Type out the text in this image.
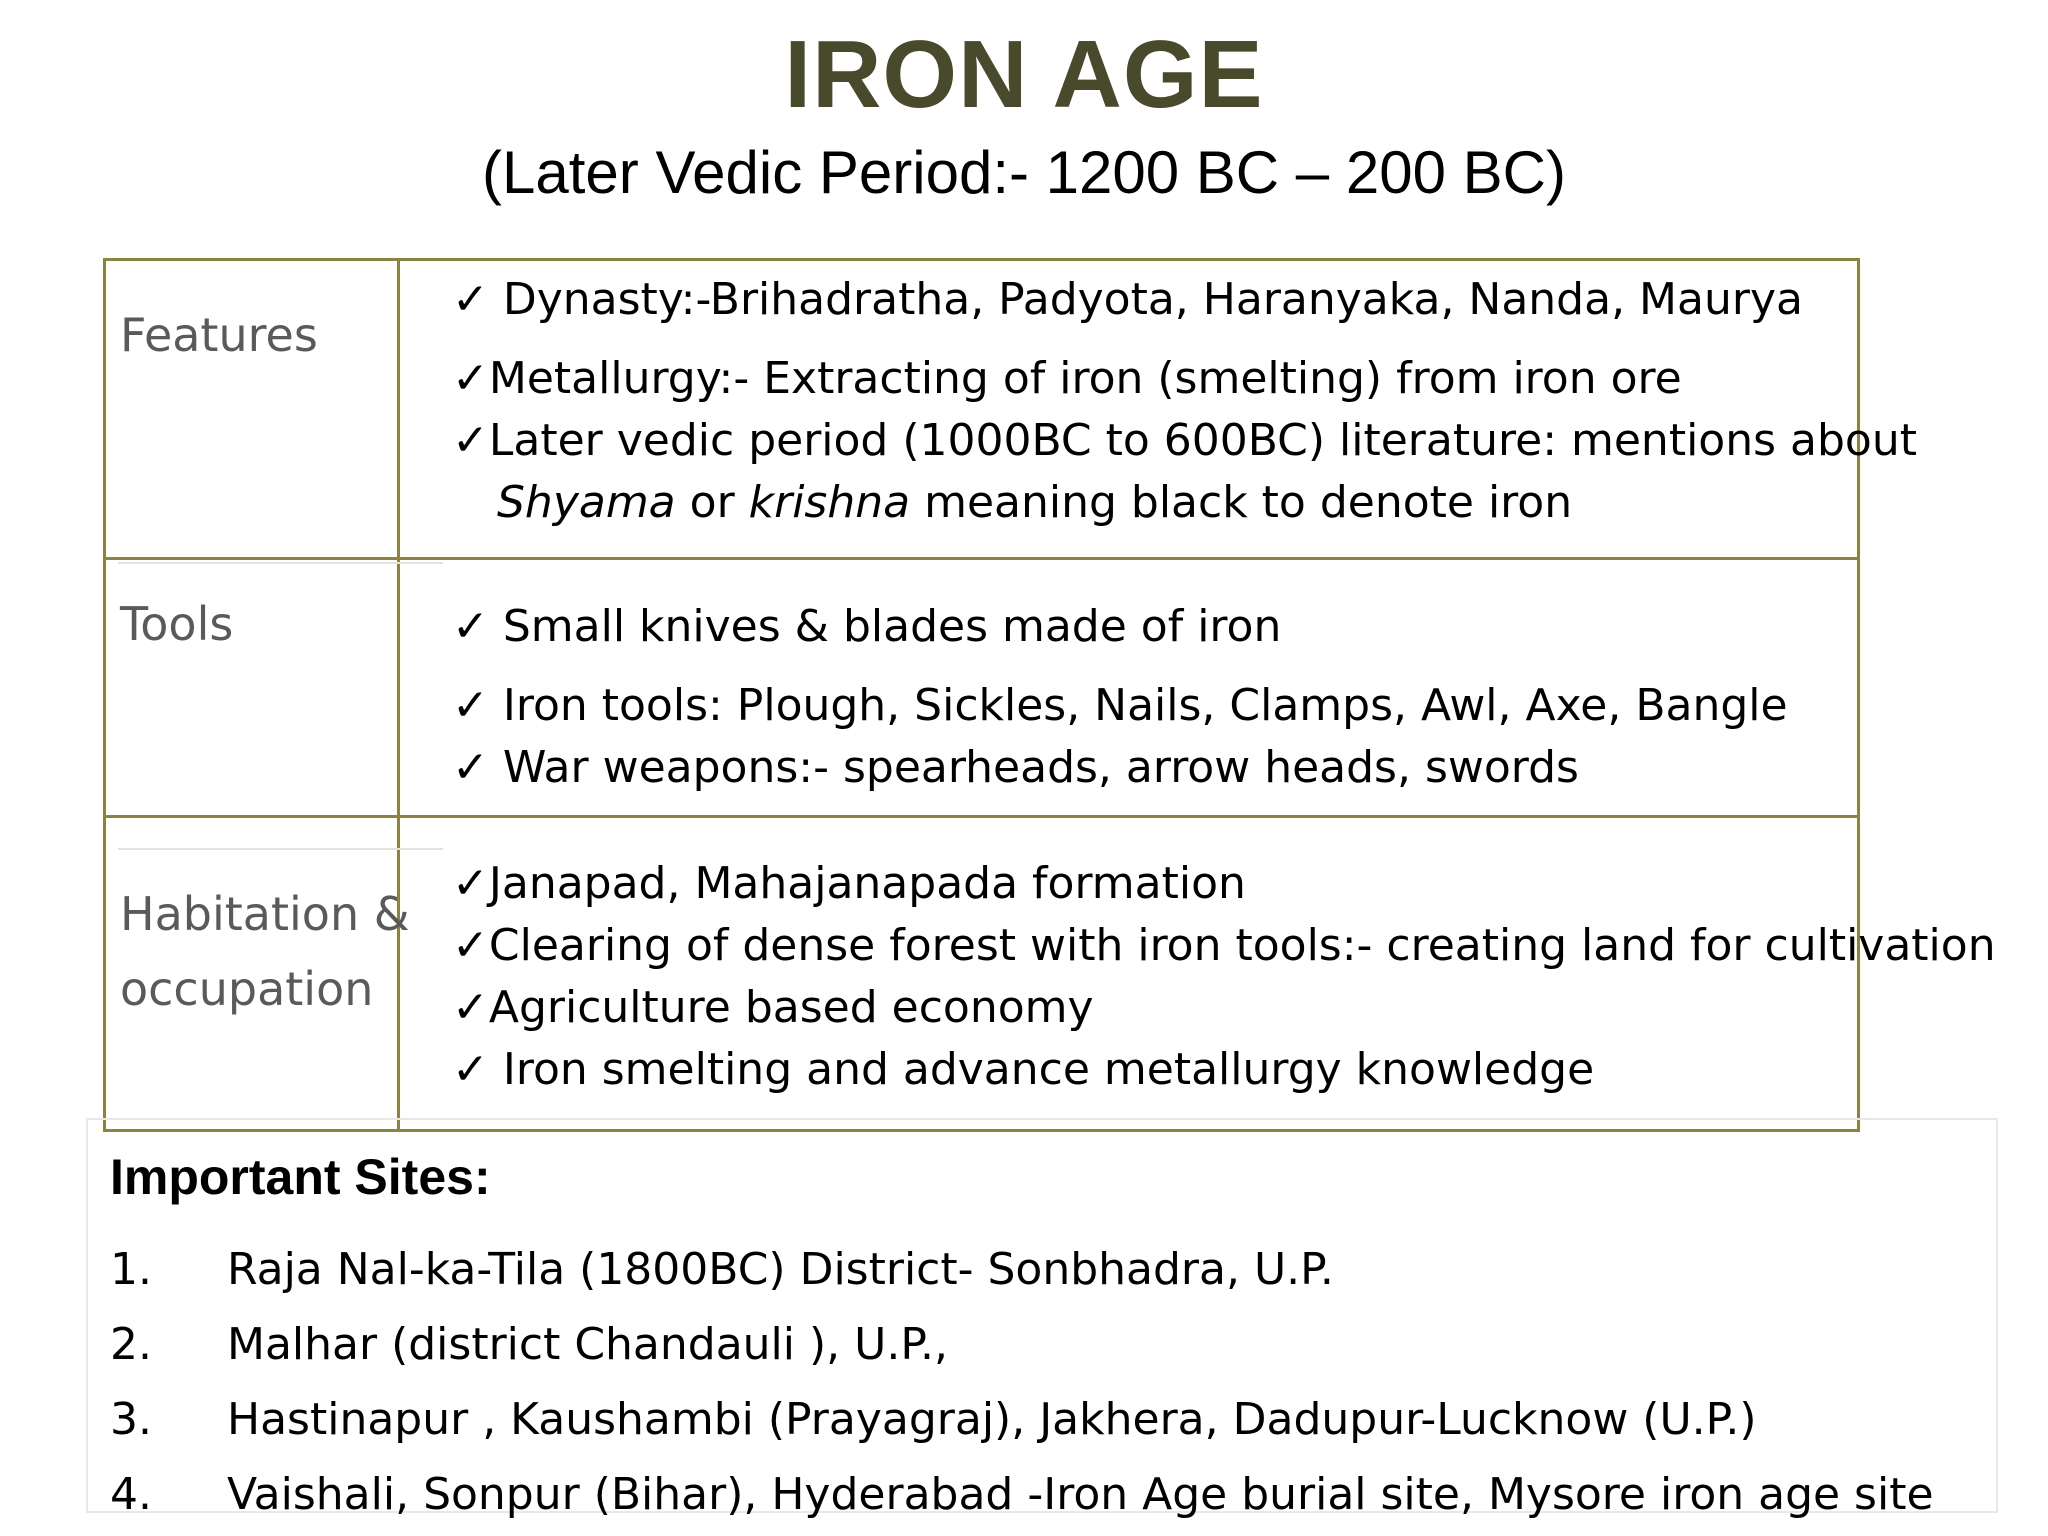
IRON AGE
(Later Vedic Period:- 1200 BC – 200 BC)
Features
Tools
Habitation &
occupation
✓ Dynasty:-Brihadratha, Padyota, Haranyaka, Nanda, Maurya
✓Metallurgy:- Extracting of iron (smelting) from iron ore
✓Later vedic period (1000BC to 600BC) literature: mentions about
Shyama or krishna meaning black to denote iron
✓ Small knives & blades made of iron
✓ Iron tools: Plough, Sickles, Nails, Clamps, Awl, Axe, Bangle
✓ War weapons:- spearheads, arrow heads, swords
✓Janapad, Mahajanapada formation
✓Clearing of dense forest with iron tools:- creating land for cultivation
✓Agriculture based economy
✓ Iron smelting and advance metallurgy knowledge
Important Sites:
1. Raja Nal-ka-Tila (1800BC) District- Sonbhadra, U.P.
2. Malhar (district Chandauli ), U.P.,
3. Hastinapur , Kaushambi (Prayagraj), Jakhera, Dadupur-Lucknow (U.P.)
4. Vaishali, Sonpur (Bihar), Hyderabad -Iron Age burial site, Mysore iron age site
